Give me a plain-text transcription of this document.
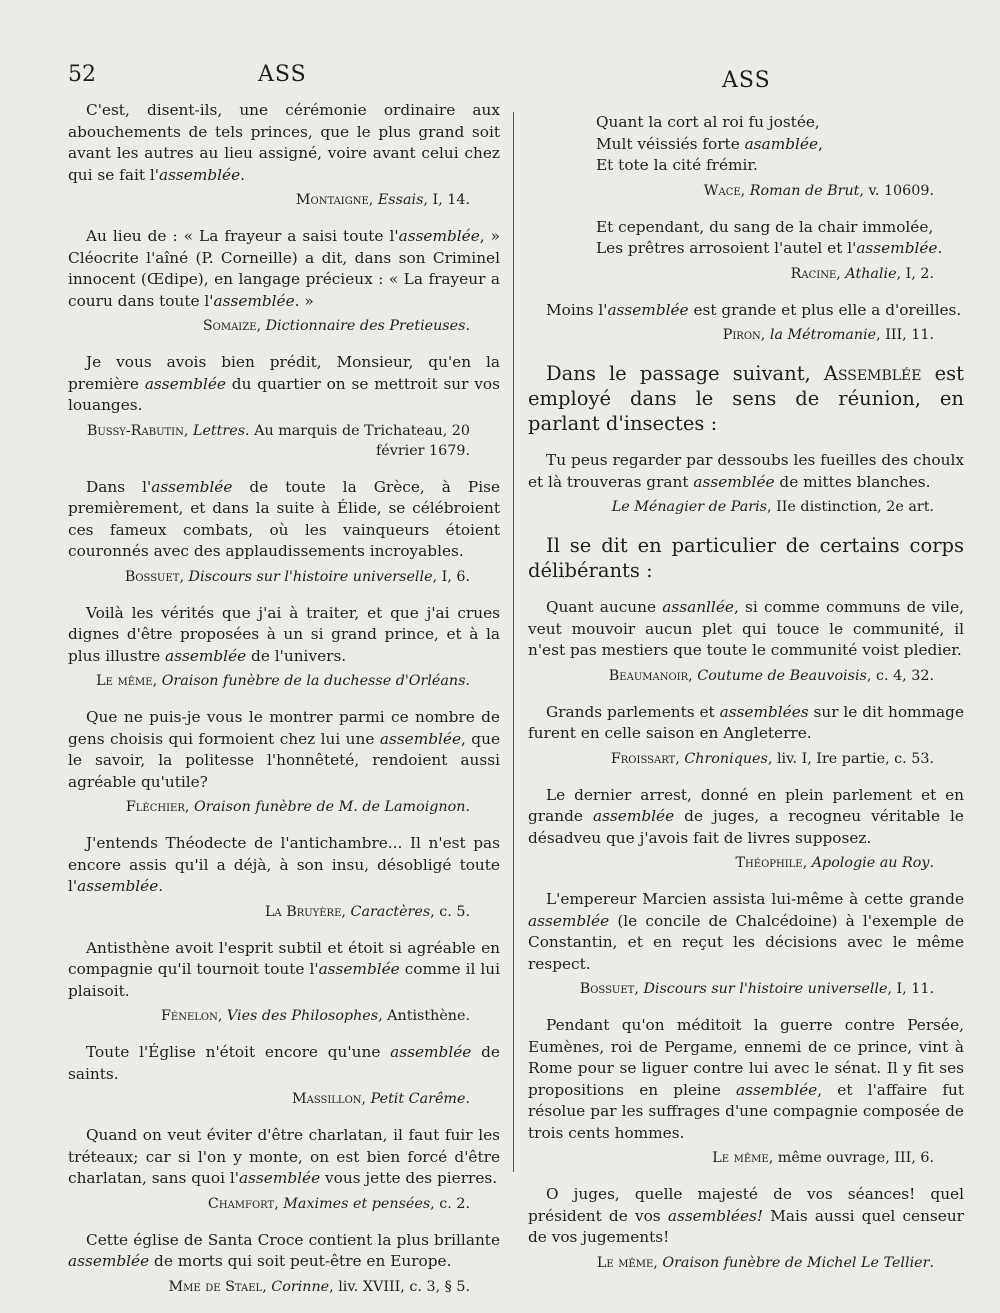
52	ASS	ASS

C'est, disent-ils, une cérémonie ordinaire aux abouchements de tels princes, que le plus grand soit avant les autres au lieu assigné, voire avant celui chez qui se fait l'assemblée.

Montaigne, Essais, I, 14.

Au lieu de : « La frayeur a saisi toute l'assemblée, » Cléocrite l'aîné (P. Corneille) a dit, dans son Criminel innocent (Œdipe), en langage précieux : « La frayeur a couru dans toute l'assemblée. »

Somaize, Dictionnaire des Pretieuses.

Je vous avois bien prédit, Monsieur, qu'en la première assemblée du quartier on se mettroit sur vos louanges.

Bussy-Rabutin, Lettres. Au marquis de Trichateau, 20 février 1679.

Dans l'assemblée de toute la Grèce, à Pise premièrement, et dans la suite à Élide, se célébroient ces fameux combats, où les vainqueurs étoient couronnés avec des applaudissements incroyables.

Bossuet, Discours sur l'histoire universelle, I, 6.

Voilà les vérités que j'ai à traiter, et que j'ai crues dignes d'être proposées à un si grand prince, et à la plus illustre assemblée de l'univers.

Le même, Oraison funèbre de la duchesse d'Orléans.

Que ne puis-je vous le montrer parmi ce nombre de gens choisis qui formoient chez lui une assemblée, que le savoir, la politesse l'honnêteté, rendoient aussi agréable qu'utile?

Fléchier, Oraison funèbre de M. de Lamoignon.

J'entends Théodecte de l'antichambre... Il n'est pas encore assis qu'il a déjà, à son insu, désobligé toute l'assemblée.

La Bruyère, Caractères, c. 5.

Antisthène avoit l'esprit subtil et étoit si agréable en compagnie qu'il tournoit toute l'assemblée comme il lui plaisoit.

Fénelon, Vies des Philosophes, Antisthène.

Toute l'Église n'étoit encore qu'une assemblée de saints.

Massillon, Petit Carême.

Quand on veut éviter d'être charlatan, il faut fuir les tréteaux; car si l'on y monte, on est bien forcé d'être charlatan, sans quoi l'assemblée vous jette des pierres.

Chamfort, Maximes et pensées, c. 2.

Cette église de Santa Croce contient la plus brillante assemblée de morts qui soit peut-être en Europe.

Mme de Stael, Corinne, liv. XVIII, c. 3, § 5.
Quant la cort al roi fu jostée,
Mult véissiés forte asamblée,
Et tote la cité frémir.
Wace, Roman de Brut, v. 10609.
Et cependant, du sang de la chair immolée,
Les prêtres arrosoient l'autel et l'assemblée.
Racine, Athalie, I, 2.

Moins l'assemblée est grande et plus elle a d'oreilles.

Piron, la Métromanie, III, 11.

Dans le passage suivant, Assemblée est employé dans le sens de réunion, en parlant d'insectes :

Tu peus regarder par dessoubs les fueilles des choulx et là trouveras grant assemblée de mittes blanches.

Le Ménagier de Paris, IIe distinction, 2e art.

Il se dit en particulier de certains corps délibérants :

Quant aucune assanllée, si comme communs de vile, veut mouvoir aucun plet qui touce le communité, il n'est pas mestiers que toute le communité voist pledier.

Beaumanoir, Coutume de Beauvoisis, c. 4, 32.

Grands parlements et assemblées sur le dit hommage furent en celle saison en Angleterre.

Froissart, Chroniques, liv. I, Ire partie, c. 53.

Le dernier arrest, donné en plein parlement et en grande assemblée de juges, a recogneu véritable le désadveu que j'avois fait de livres supposez.

Théophile, Apologie au Roy.

L'empereur Marcien assista lui-même à cette grande assemblée (le concile de Chalcédoine) à l'exemple de Constantin, et en reçut les décisions avec le même respect.

Bossuet, Discours sur l'histoire universelle, I, 11.

Pendant qu'on méditoit la guerre contre Persée, Eumènes, roi de Pergame, ennemi de ce prince, vint à Rome pour se liguer contre lui avec le sénat. Il y fit ses propositions en pleine assemblée, et l'affaire fut résolue par les suffrages d'une compagnie composée de trois cents hommes.

Le même, même ouvrage, III, 6.

O juges, quelle majesté de vos séances! quel président de vos assemblées! Mais aussi quel censeur de vos jugements!

Le même, Oraison funèbre de Michel Le Tellier.
